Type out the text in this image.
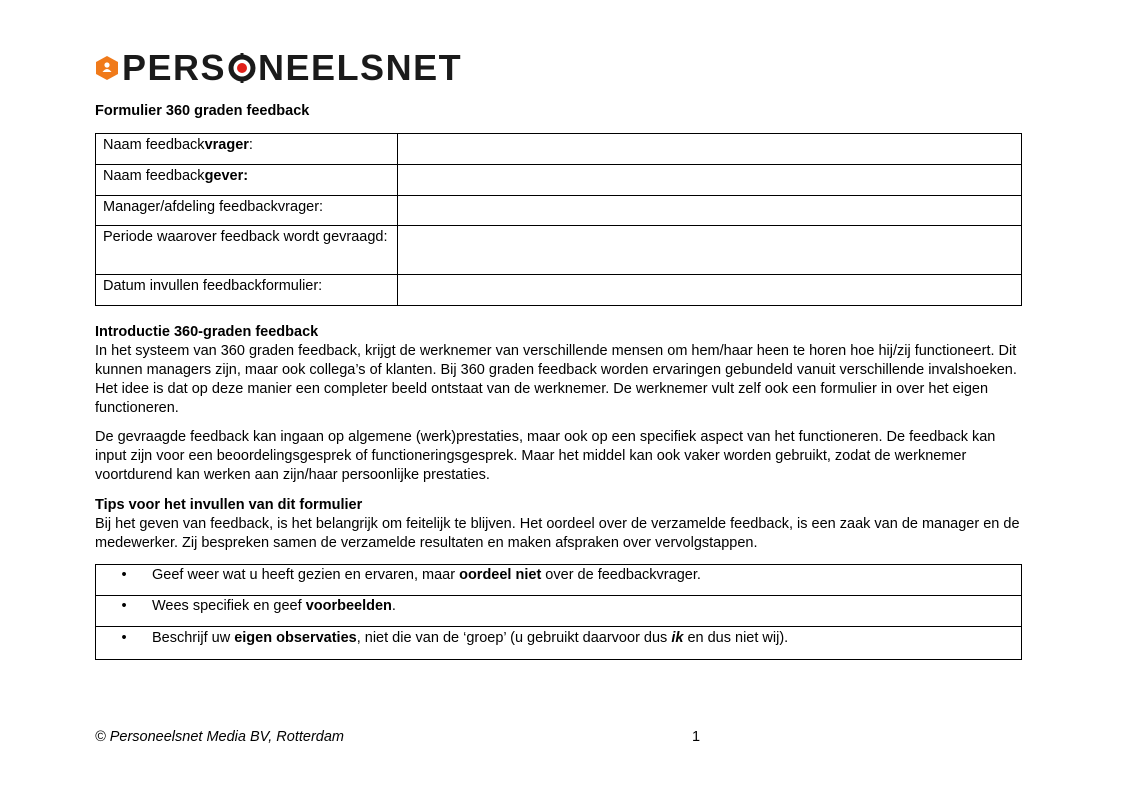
PERS NEELSNET
Formulier 360 graden feedback
Naam feedbackvrager:	
Naam feedbackgever:	
Manager/afdeling feedbackvrager:	
Periode waarover feedback wordt gevraagd:	
Datum invullen feedbackformulier:	
Introductie 360-graden feedback

In het systeem van 360 graden feedback, krijgt de werknemer van verschillende mensen om hem/haar heen te horen hoe hij/zij functioneert. Dit kunnen managers zijn, maar ook collega’s of klanten. Bij 360 graden feedback worden ervaringen gebundeld vanuit verschillende invalshoeken. Het idee is dat op deze manier een completer beeld ontstaat van de werknemer. De werknemer vult zelf ook een formulier in over het eigen functioneren.

De gevraagde feedback kan ingaan op algemene (werk)prestaties, maar ook op een specifiek aspect van het functioneren. De feedback kan input zijn voor een beoordelingsgesprek of functioneringsgesprek. Maar het middel kan ook vaker worden gebruikt, zodat de werknemer voortdurend kan werken aan zijn/haar persoonlijke prestaties.

Tips voor het invullen van dit formulier

Bij het geven van feedback, is het belangrijk om feitelijk te blijven. Het oordeel over de verzamelde feedback, is een zaak van de manager en de medewerker. Zij bespreken samen de verzamelde resultaten en maken afspraken over vervolgstappen.

•	Geef weer wat u heeft gezien en ervaren, maar oordeel niet over de feedbackvrager.

•	Wees specifiek en geef voorbeelden.

•	Beschrijf uw eigen observaties, niet die van de ‘groep’ (u gebruikt daarvoor dus ik en dus niet wij).
© Personeelsnet Media BV, Rotterdam	1
